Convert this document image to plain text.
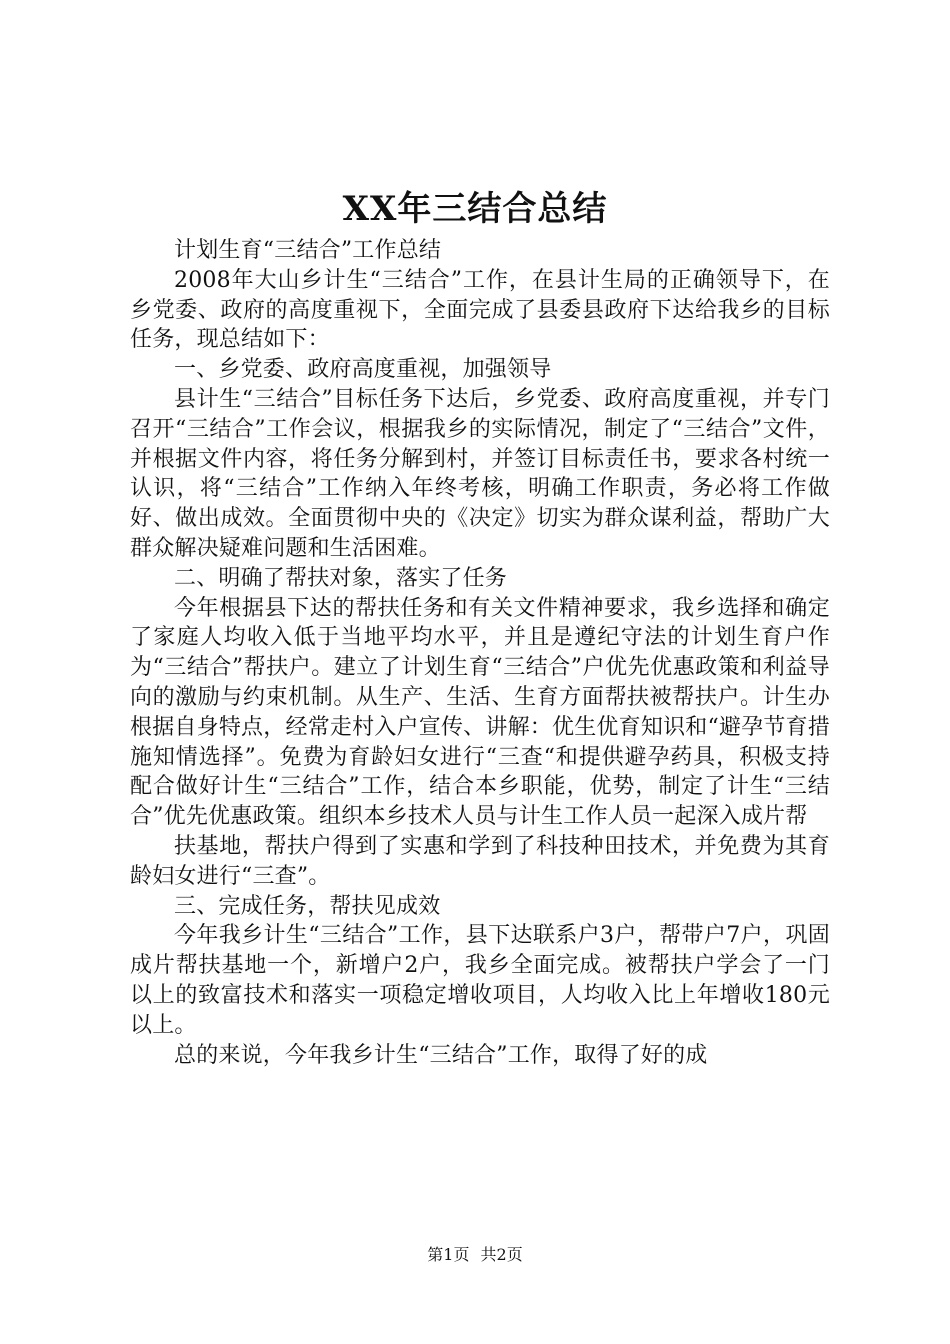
XX年三结合总结

计划生育“三结合”工作总结

2008年大山乡计生“三结合”工作，在县计生局的正确领导下，在乡党委、政府的高度重视下，全面完成了县委县政府下达给我乡的目标任务，现总结如下：

一、乡党委、政府高度重视，加强领导

县计生“三结合”目标任务下达后，乡党委、政府高度重视，并专门召开“三结合”工作会议，根据我乡的实际情况，制定了“三结合”文件，并根据文件内容，将任务分解到村，并签订目标责任书，要求各村统一认识，将“三结合”工作纳入年终考核，明确工作职责，务必将工作做好、做出成效。全面贯彻中央的《决定》切实为群众谋利益，帮助广大群众解决疑难问题和生活困难。

二、明确了帮扶对象，落实了任务

今年根据县下达的帮扶任务和有关文件精神要求，我乡选择和确定了家庭人均收入低于当地平均水平，并且是遵纪守法的计划生育户作为“三结合”帮扶户。建立了计划生育“三结合”户优先优惠政策和利益导向的激励与约束机制。从生产、生活、生育方面帮扶被帮扶户。计生办根据自身特点，经常走村入户宣传、讲解：优生优育知识和“避孕节育措施知情选择”。免费为育龄妇女进行“三查“和提供避孕药具，积极支持配合做好计生“三结合”工作，结合本乡职能，优势，制定了计生“三结合”优先优惠政策。组织本乡技术人员与计生工作人员一起深入成片帮

扶基地，帮扶户得到了实惠和学到了科技种田技术，并免费为其育龄妇女进行“三查”。

三、完成任务，帮扶见成效

今年我乡计生“三结合”工作，县下达联系户3户，帮带户7户，巩固成片帮扶基地一个，新增户2户，我乡全面完成。被帮扶户学会了一门以上的致富技术和落实一项稳定增收项目，人均收入比上年增收180元以上。

总的来说，今年我乡计生“三结合”工作，取得了好的成

第1页 共2页
